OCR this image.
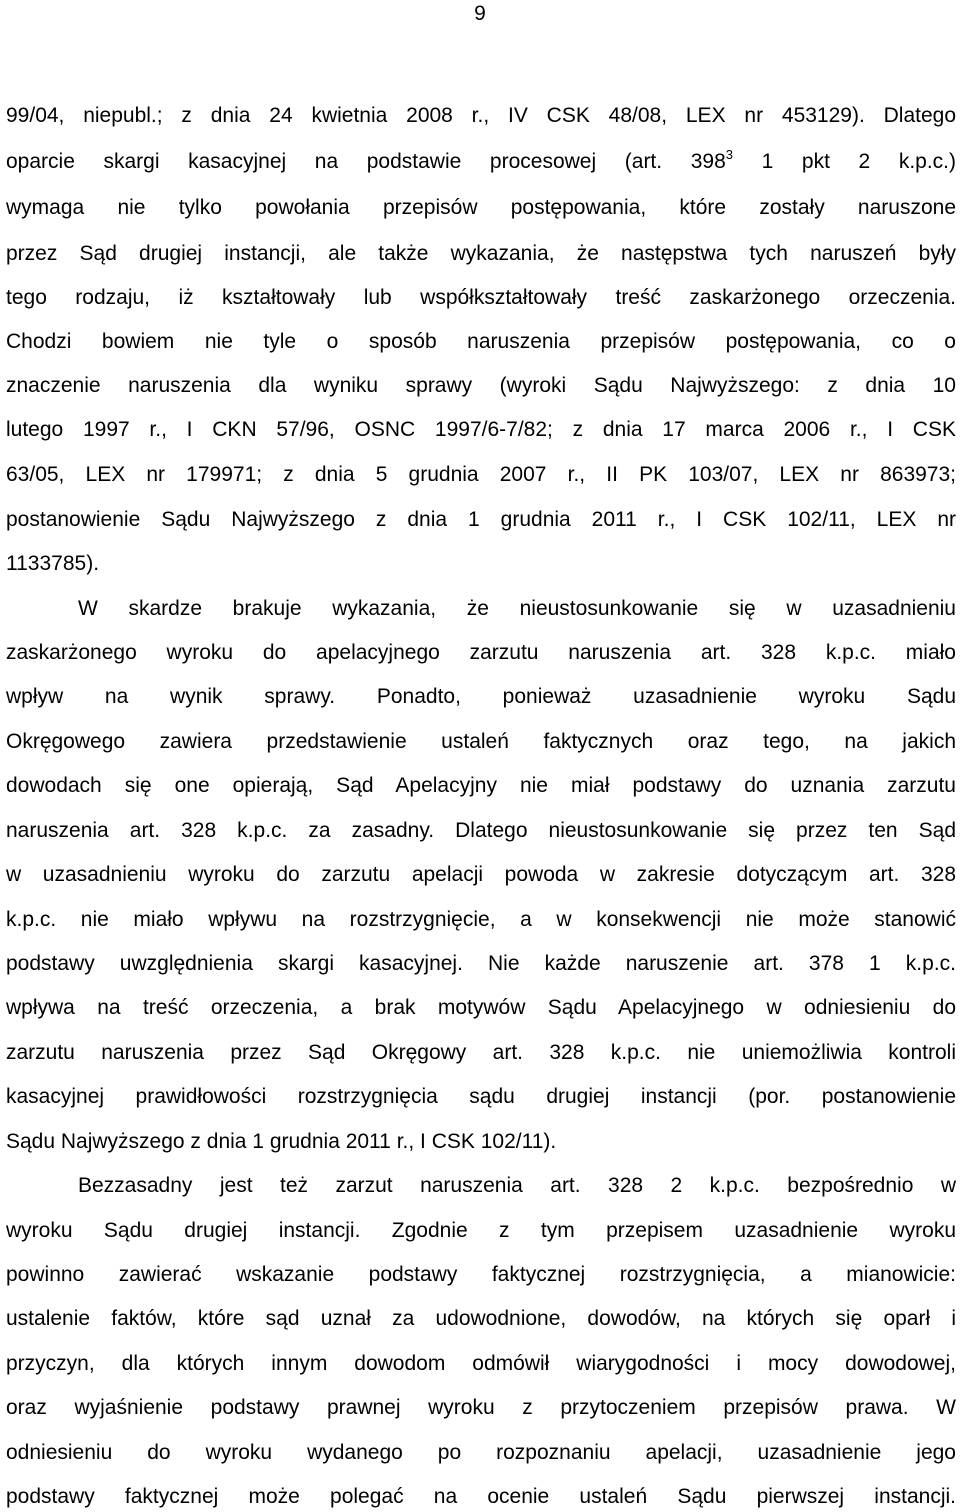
9
99/04, niepubl.; z dnia 24 kwietnia 2008 r., IV CSK 48/08, LEX nr 453129). Dlatego
oparcie skargi kasacyjnej na podstawie procesowej (art. $398^3$ 1 pkt 2 k.p.c.)
wymaga nie tylko powołania przepisów postępowania, które zostały naruszone
przez Sąd drugiej instancji, ale także wykazania, że następstwa tych naruszeń były
tego rodzaju, iż kształtowały lub współkształtowały treść zaskarżonego orzeczenia.
Chodzi bowiem nie tyle o sposób naruszenia przepisów postępowania, co o
znaczenie naruszenia dla wyniku sprawy (wyroki Sądu Najwyższego: z dnia 10
lutego 1997 r., I CKN 57/96, OSNC 1997/6-7/82; z dnia 17 marca 2006 r., I CSK
63/05, LEX nr 179971; z dnia 5 grudnia 2007 r., II PK 103/07, LEX nr 863973;
postanowienie Sądu Najwyższego z dnia 1 grudnia 2011 r., I CSK 102/11, LEX nr
1133785).
W skardze brakuje wykazania, że nieustosunkowanie się w uzasadnieniu
zaskarżonego wyroku do apelacyjnego zarzutu naruszenia art. 328 k.p.c. miało
wpływ na wynik sprawy. Ponadto, ponieważ uzasadnienie wyroku Sądu
Okręgowego zawiera przedstawienie ustaleń faktycznych oraz tego, na jakich
dowodach się one opierają, Sąd Apelacyjny nie miał podstawy do uznania zarzutu
naruszenia art. 328 k.p.c. za zasadny. Dlatego nieustosunkowanie się przez ten Sąd
w uzasadnieniu wyroku do zarzutu apelacji powoda w zakresie dotyczącym art. 328
k.p.c. nie miało wpływu na rozstrzygnięcie, a w konsekwencji nie może stanowić
podstawy uwzględnienia skargi kasacyjnej. Nie każde naruszenie art. 378 1 k.p.c.
wpływa na treść orzeczenia, a brak motywów Sądu Apelacyjnego w odniesieniu do
zarzutu naruszenia przez Sąd Okręgowy art. 328 k.p.c. nie uniemożliwia kontroli
kasacyjnej prawidłowości rozstrzygnięcia sądu drugiej instancji (por. postanowienie
Sądu Najwyższego z dnia 1 grudnia 2011 r., I CSK 102/11).
Bezzasadny jest też zarzut naruszenia art. 328 2 k.p.c. bezpośrednio w
wyroku Sądu drugiej instancji. Zgodnie z tym przepisem uzasadnienie wyroku
powinno zawierać wskazanie podstawy faktycznej rozstrzygnięcia, a mianowicie:
ustalenie faktów, które sąd uznał za udowodnione, dowodów, na których się oparł i
przyczyn, dla których innym dowodom odmówił wiarygodności i mocy dowodowej,
oraz wyjaśnienie podstawy prawnej wyroku z przytoczeniem przepisów prawa. W
odniesieniu do wyroku wydanego po rozpoznaniu apelacji, uzasadnienie jego
podstawy faktycznej może polegać na ocenie ustaleń Sądu pierwszej instancji.
